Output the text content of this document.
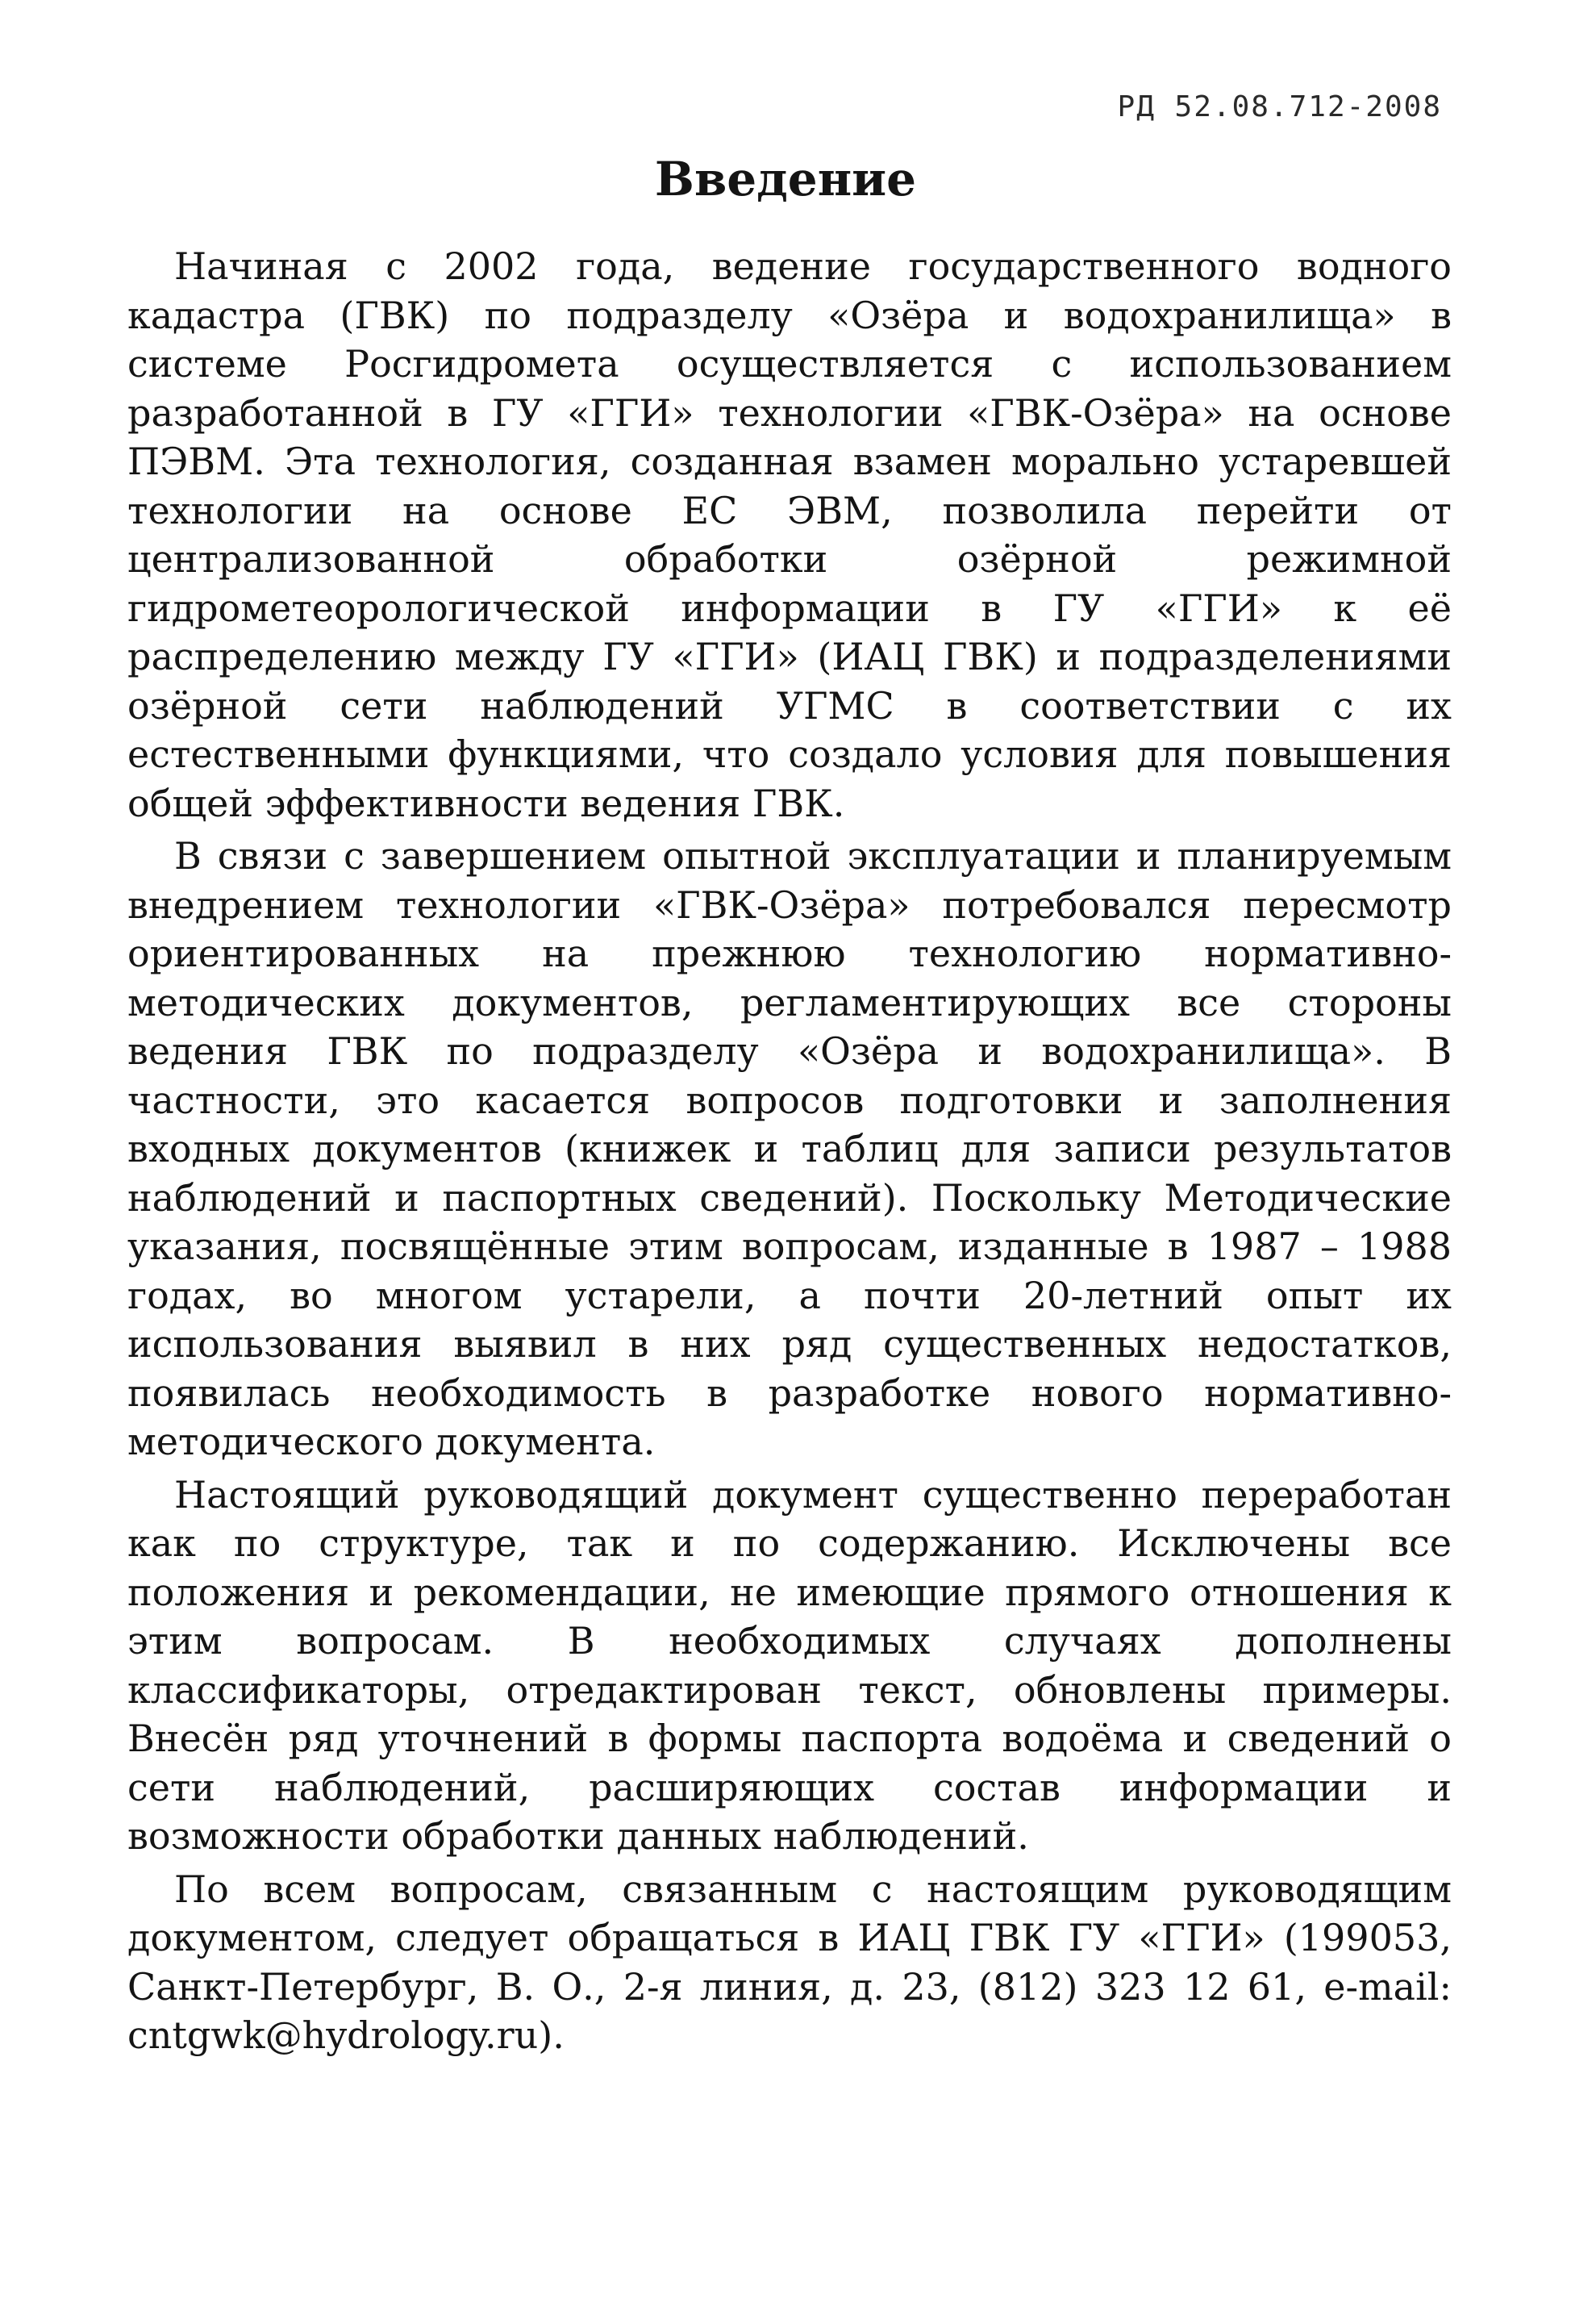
РД 52.08.712-2008
Введение

Начиная с 2002 года, ведение государственного водного кадастра (ГВК) по подразделу «Озёра и водохранилища» в системе Росгидромета осуществляется с использованием разработанной в ГУ «ГГИ» технологии «ГВК-Озёра» на основе ПЭВМ. Эта технология, созданная взамен морально устаревшей технологии на основе ЕС ЭВМ, позволила перейти от централизованной обработки озёрной режимной гидрометеорологической информации в ГУ «ГГИ» к её распределению между ГУ «ГГИ» (ИАЦ ГВК) и подразделениями озёрной сети наблюдений УГМС в соответствии с их естественными функциями, что создало условия для повышения общей эффективности ведения ГВК.

В связи с завершением опытной эксплуатации и планируемым внедрением технологии «ГВК-Озёра» потребовался пересмотр ориентированных на прежнюю технологию нормативно-методических документов, регламентирующих все стороны ведения ГВК по подразделу «Озёра и водохранилища». В частности, это касается вопросов подготовки и заполнения входных документов (книжек и таблиц для записи результатов наблюдений и паспортных сведений). Поскольку Методические указания, посвящённые этим вопросам, изданные в 1987 – 1988 годах, во многом устарели, а почти 20-летний опыт их использования выявил в них ряд существенных недостатков, появилась необходимость в разработке нового нормативно-методического документа.

Настоящий руководящий документ существенно переработан как по структуре, так и по содержанию. Исключены все положения и рекомендации, не имеющие прямого отношения к этим вопросам. В необходимых случаях дополнены классификаторы, отредактирован текст, обновлены примеры. Внесён ряд уточнений в формы паспорта водоёма и сведений о сети наблюдений, расширяющих состав информации и возможности обработки данных наблюдений.

По всем вопросам, связанным с настоящим руководящим документом, следует обращаться в ИАЦ ГВК ГУ «ГГИ» (199053, Санкт-Петербург, В. О., 2-я линия, д. 23, (812) 323 12 61, e-mail: cntgwk@hydrology.ru).
